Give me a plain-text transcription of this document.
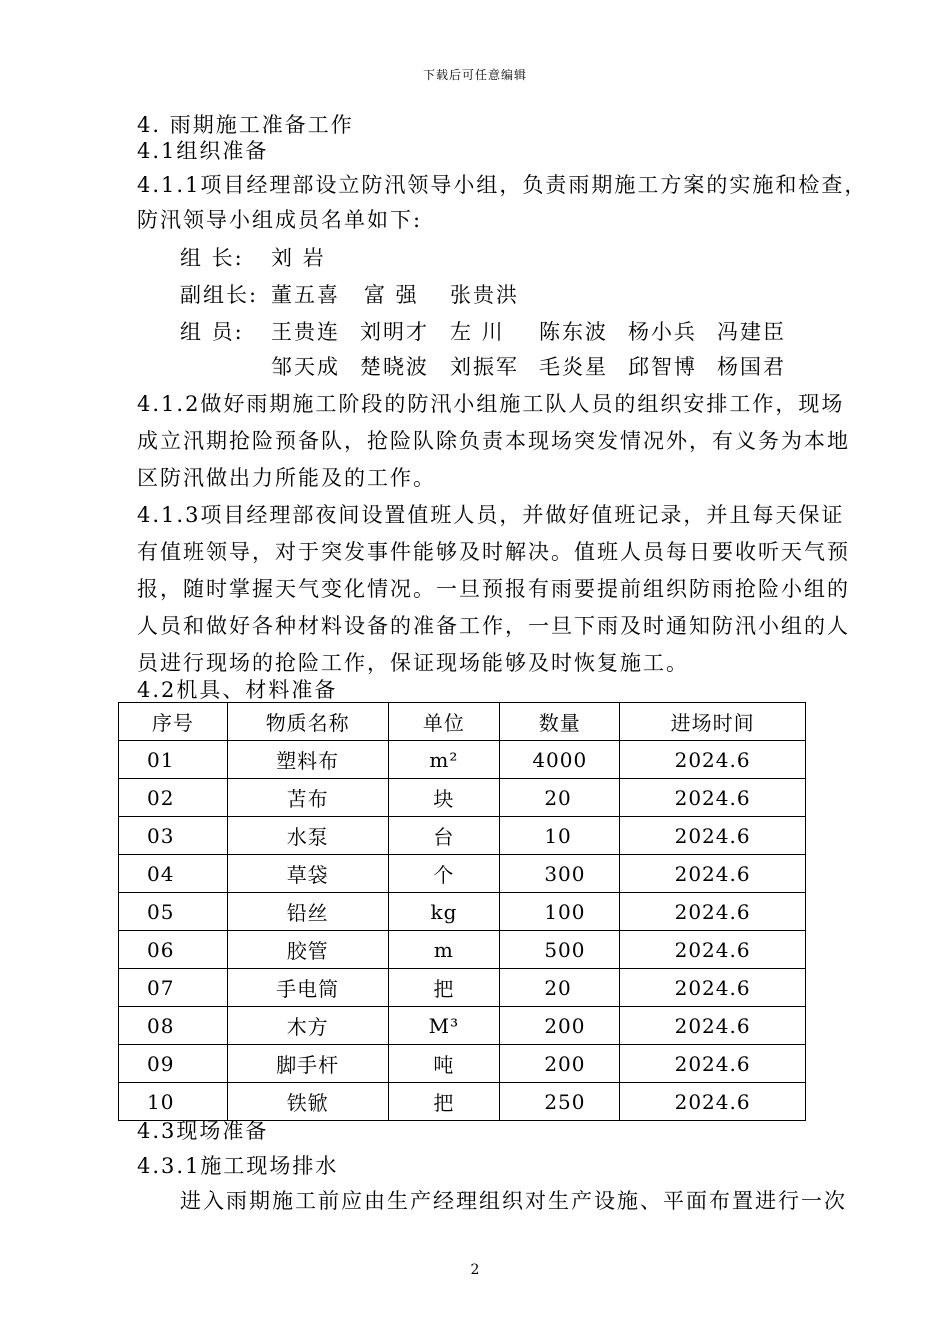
下载后可任意编辑
4. 雨期施工准备工作
4.1组织准备
4.1.1项目经理部设立防汛领导小组，负责雨期施工方案的实施和检查，
防汛领导小组成员名单如下:
组 长: 刘 岩
副组长: 董五喜 富 强 张贵洪
组 员: 王贵连 刘明才 左 川 陈东波 杨小兵 冯建臣
邹天成 楚晓波 刘振军 毛炎星 邱智博 杨国君
4.1.2做好雨期施工阶段的防汛小组施工队人员的组织安排工作，现场
成立汛期抢险预备队，抢险队除负责本现场突发情况外，有义务为本地
区防汛做出力所能及的工作。
4.1.3项目经理部夜间设置值班人员，并做好值班记录，并且每天保证
有值班领导，对于突发事件能够及时解决。值班人员每日要收听天气预
报，随时掌握天气变化情况。一旦预报有雨要提前组织防雨抢险小组的
人员和做好各种材料设备的准备工作，一旦下雨及时通知防汛小组的人
员进行现场的抢险工作，保证现场能够及时恢复施工。
4.2机具、材料准备
序号	物质名称	单位	数量	进场时间
01	塑料布	m²	4000	2024.6
02	苫布	块	20	2024.6
03	水泵	台	10	2024.6
04	草袋	个	300	2024.6
05	铅丝	kg	100	2024.6
06	胶管	m	500	2024.6
07	手电筒	把	20	2024.6
08	木方	M³	200	2024.6
09	脚手杆	吨	200	2024.6
10	铁锨	把	250	2024.6
4.3现场准备
4.3.1施工现场排水
进入雨期施工前应由生产经理组织对生产设施、平面布置进行一次
2
